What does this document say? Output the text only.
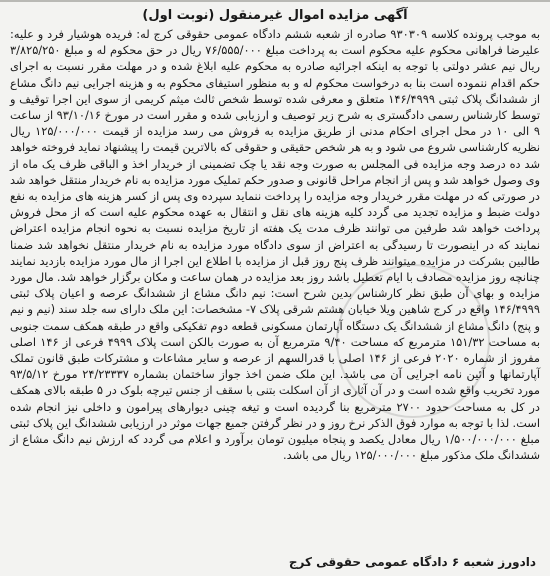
آگهی مزایده اموال غیرمنقول (نوبت اول)

به موجب پرونده کلاسه ۹۳۰۳۰۹ صادره از شعبه ششم دادگاه عمومی حقوقی کرج له: فریده هوشیار فرد و علیه: علیرضا فراهانی محکوم علیه محکوم است به پرداخت مبلغ ۷۶/۵۵۵/۰۰۰ ریال در حق محکوم له و مبلغ ۳/۸۲۵/۲۵۰ ریال نیم عشر دولتی با توجه به اینکه اجرائیه صادره به محکوم علیه ابلاغ شده و در مهلت مقرر نسبت به اجرای حکم اقدام ننموده است بنا به درخواست محکوم له و به منظور استیفای محکوم به و هزینه اجرایی نیم دانگ مشاع از ششدانگ پلاک ثبتی ۱۴۶/۴۹۹۹ متعلق و معرفی شده توسط شخص ثالث میثم کریمی از سوی این اجرا توقیف و توسط کارشناس رسمی دادگستری به شرح زیر توصیف و ارزیابی شده و مقرر است در مورخ ۹۳/۱۰/۱۶ از ساعت ۹ الی ۱۰ در محل اجرای احکام مدنی از طریق مزایده به فروش می رسد مزایده از قیمت ۱۲۵/۰۰۰/۰۰۰ ریال نظریه کارشناسی شروع می شود و به هر شخص حقیقی و حقوقی که بالاترین قیمت را پیشنهاد نماید فروخته خواهد شد ده درصد وجه مزایده فی المجلس به صورت وجه نقد یا چک تضمینی از خریدار اخذ و الباقی ظرف یک ماه از وی وصول خواهد شد و پس از انجام مراحل قانونی و صدور حکم تملیک مورد مزایده به نام خریدار منتقل خواهد شد در صورتی که در مهلت مقرر خریدار وجه مزایده را پرداخت ننماید سپرده وی پس از کسر هزینه های مزایده به نفع دولت ضبط و مزایده تجدید می گردد کلیه هزینه های نقل و انتقال به عهده محکوم علیه است که از محل فروش پرداخت خواهد شد طرفین می توانند ظرف مدت یک هفته از تاریخ مزایده نسبت به نحوه انجام مزایده اعتراض نمایند که در اینصورت تا رسیدگی به اعتراض از سوی دادگاه مورد مزایده به نام خریدار منتقل نخواهد شد ضمنا طالبین بشرکت در مزایده میتوانند ظرف پنج روز قبل از مزایده با اطلاع این اجرا از مال مورد مزایده بازدید نمایند چنانچه روز مزایده مصادف با ایام تعطیل باشد روز بعد مزایده در همان ساعت و مکان برگزار خواهد شد. مال مورد مزایده و بهای آن طبق نظر کارشناس بدین شرح است: نیم دانگ مشاع از ششدانگ عرصه و اعیان پلاک ثبتی ۱۴۶/۴۹۹۹ واقع در کرج شاهین ویلا خیابان هشتم شرقی پلاک ۷- مشخصات: این ملک دارای سه جلد سند (نیم و نیم و پنج) دانگ مشاع از ششدانگ یک دستگاه آپارتمان مسکونی قطعه دوم تفکیکی واقع در طبقه همکف سمت جنوبی به مساحت ۱۵۱/۳۲ مترمربع که مساحت ۹/۴۰ مترمربع آن به صورت بالکن است پلاک ۴۹۹۹ فرعی از ۱۴۶ اصلی مفروز از شماره ۲۰۲۰ فرعی از ۱۴۶ اصلی با قدرالسهم از عرصه و سایر مشاعات و مشترکات طبق قانون تملک آپارتمانها و آئین نامه اجرایی آن می باشد. این ملک ضمن اخذ جواز ساختمان بشماره ۲۴/۲۳۳۳۷ مورخ ۹۳/۵/۱۲ مورد تخریب واقع شده است و در آن آثاری از آن اسکلت بتنی با سقف از جنس تیرچه بلوک در ۵ طبقه بالای همکف در کل به مساحت حدود ۲۷۰۰ مترمربع بنا گردیده است و تیغه چینی دیوارهای پیرامون و داخلی نیز انجام شده است. لذا با توجه به موارد فوق الذکر نرخ روز و در نظر گرفتن جمیع جهات موثر در ارزیابی ششدانگ این پلاک ثبتی مبلغ ۱/۵۰۰/۰۰۰/۰۰۰ ریال معادل یکصد و پنجاه میلیون تومان برآورد و اعلام می گردد که ارزش نیم دانگ مشاع از ششدانگ ملک مذکور مبلغ ۱۲۵/۰۰۰/۰۰۰ ریال می باشد.

دادورز شعبه ۶ دادگاه عمومی حقوقی کرج
